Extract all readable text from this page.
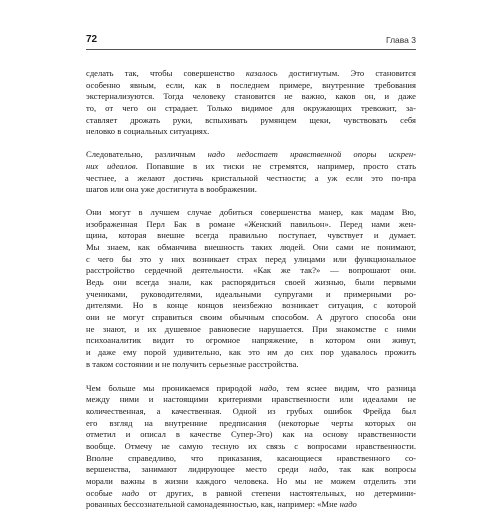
72	Глава 3

сделать так, чтобы совершенство казалось достигнутым. Это становится
особенно явным, если, как в последнем примере, внутренние требования
экстернализуются. Тогда человеку становится не важно, каков он, и даже
то, от чего он страдает. Только видимое для окружающих тревожит, за-
ставляет дрожать руки, вспыхивать румянцем щеки, чувствовать себя
неловко в социальных ситуациях.

Следовательно, различным надо недостает нравственной опоры искрен-
них идеалов. Попавшие в их тиски не стремятся, например, просто стать
честнее, а желают достичь кристальной честности; а уж если это по-пра
шагов или она уже достигнута в воображении.

Они могут в лучшем случае добиться совершенства манер, как мадам Вю,
изображенная Перл Бак в романе «Женский павильон». Перед нами жен-
щина, которая внешне всегда правильно поступает, чувствует и думает.
Мы знаем, как обманчива внешность таких людей. Они сами не понимают,
с чего бы это у них возникает страх перед улицами или функциональное
расстройство сердечной деятельности. «Как же так?» — вопрошают они.
Ведь они всегда знали, как распорядиться своей жизнью, были первыми
учениками, руководителями, идеальными супругами и примерными ро-
дителями. Но в конце концов неизбежно возникает ситуация, с которой
они не могут справиться своим обычным способом. А другого способа они
не знают, и их душевное равновесие нарушается. При знакомстве с ними
психоаналитик видит то огромное напряжение, в котором они живут,
и даже ему порой удивительно, как это им до сих пор удавалось прожить
в таком состоянии и не получить серьезные расстройства.

Чем больше мы проникаемся природой надо, тем яснее видим, что разница
между ними и настоящими критериями нравственности или идеалами не
количественная, а качественная. Одной из грубых ошибок Фрейда был
его взгляд на внутренние предписания (некоторые черты которых он
отметил и описал в качестве Супер-Эго) как на основу нравственности
вообще. Отмечу не самую тесную их связь с вопросами нравственности.
Вполне справедливо, что приказания, касающиеся нравственного со-
вершенства, занимают лидирующее место среди надо, так как вопросы
морали важны в жизни каждого человека. Но мы не можем отделить эти
особые надо от других, в равной степени настоятельных, но детермини-
рованных бессознательной самонадеянностью, как, например: «Мне надо
